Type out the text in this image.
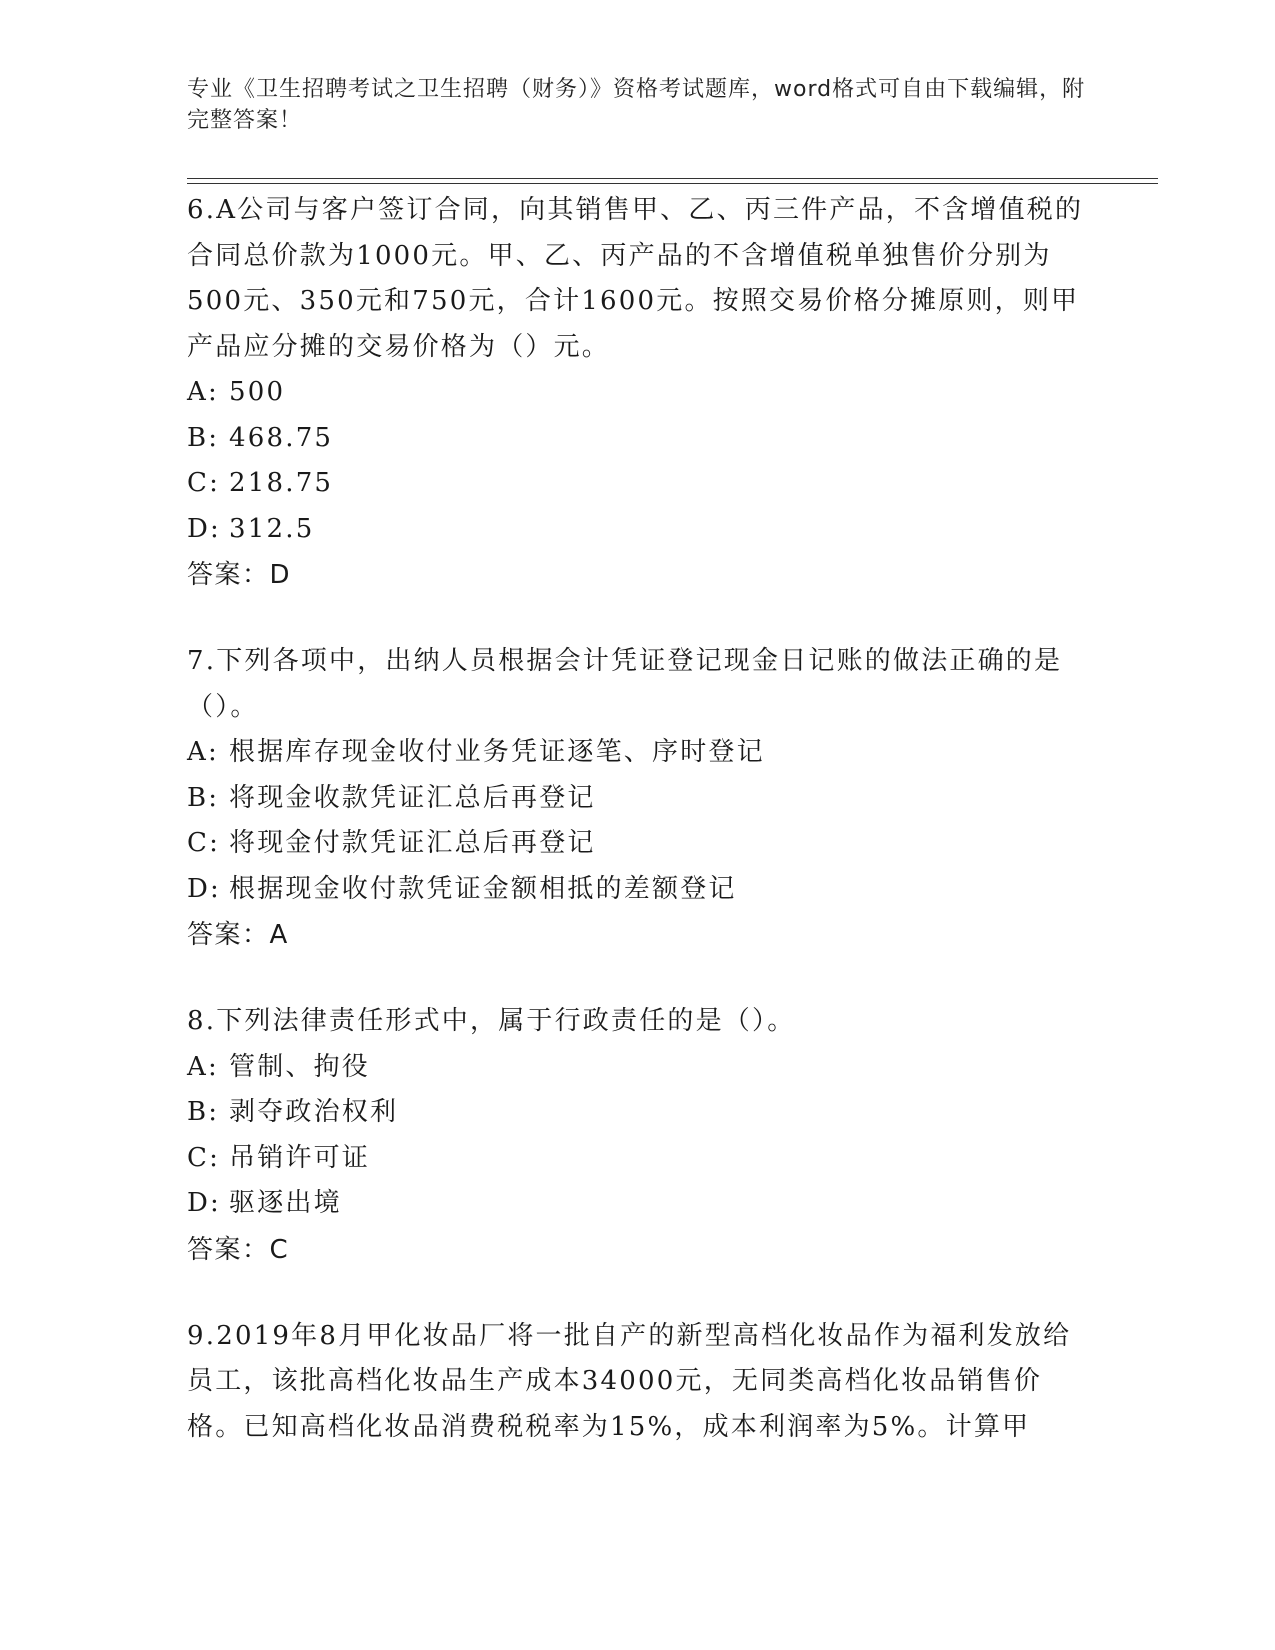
专业《卫生招聘考试之卫生招聘（财务）》资格考试题库，word格式可自由下载编辑，附完整答案！

6.A公司与客户签订合同，向其销售甲、乙、丙三件产品，不含增值税的合同总价款为1000元。甲、乙、丙产品的不含增值税单独售价分别为500元、350元和750元，合计1600元。按照交易价格分摊原则，则甲产品应分摊的交易价格为（）元。

A: 500

B: 468.75

C: 218.75

D: 312.5

答案：D

7.下列各项中，出纳人员根据会计凭证登记现金日记账的做法正确的是（）。

A: 根据库存现金收付业务凭证逐笔、序时登记

B: 将现金收款凭证汇总后再登记

C: 将现金付款凭证汇总后再登记

D: 根据现金收付款凭证金额相抵的差额登记

答案：A

8.下列法律责任形式中，属于行政责任的是（）。

A: 管制、拘役

B: 剥夺政治权利

C: 吊销许可证

D: 驱逐出境

答案：C

9.2019年8月甲化妆品厂将一批自产的新型高档化妆品作为福利发放给员工，该批高档化妆品生产成本34000元，无同类高档化妆品销售价格。已知高档化妆品消费税税率为15%，成本利润率为5%。计算甲
